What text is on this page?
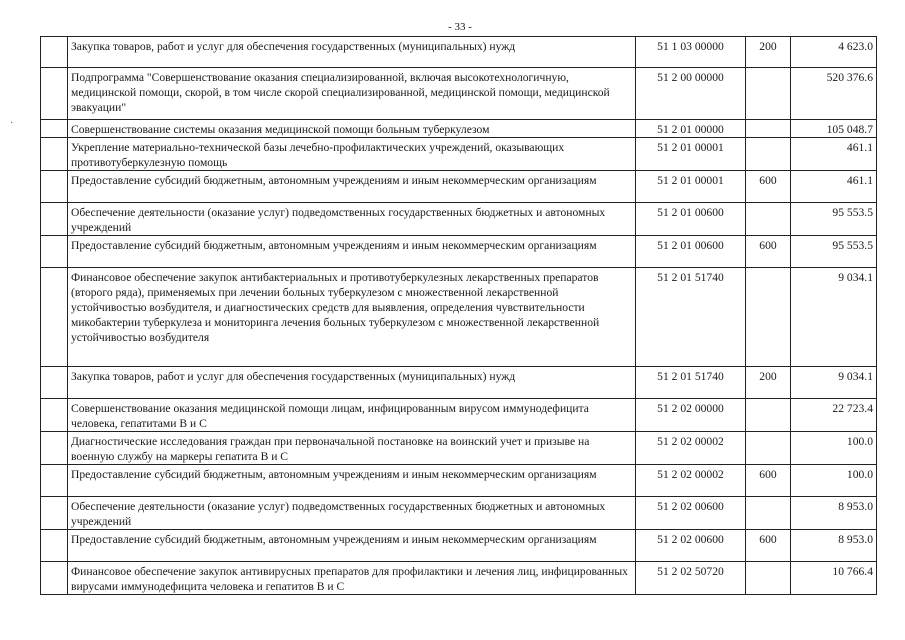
- 33 -
·
	Закупка товаров, работ и услуг для обеспечения государственных (муниципальных) нужд	51 1 03 00000	200	4 623.0
	Подпрограмма "Совершенствование оказания специализированной, включая высокотехнологичную, медицинской помощи, скорой, в том числе скорой специализированной, медицинской помощи, медицинской эвакуации"	51 2 00 00000		520 376.6
	Совершенствование системы оказания медицинской помощи больным туберкулезом	51 2 01 00000		105 048.7
	Укрепление материально-технической базы лечебно-профилактических учреждений, оказывающих противотуберкулезную помощь	51 2 01 00001		461.1
	Предоставление субсидий бюджетным, автономным учреждениям и иным некоммерческим организациям	51 2 01 00001	600	461.1
	Обеспечение деятельности (оказание услуг) подведомственных государственных бюджетных и автономных учреждений	51 2 01 00600		95 553.5
	Предоставление субсидий бюджетным, автономным учреждениям и иным некоммерческим организациям	51 2 01 00600	600	95 553.5
	Финансовое обеспечение закупок антибактериальных и противотуберкулезных лекарственных препаратов (второго ряда), применяемых при лечении больных туберкулезом с множественной лекарственной устойчивостью возбудителя, и диагностических средств для выявления, определения чувствительности микобактерии туберкулеза и мониторинга лечения больных туберкулезом с множественной лекарственной устойчивостью возбудителя	51 2 01 51740		9 034.1
	Закупка товаров, работ и услуг для обеспечения государственных (муниципальных) нужд	51 2 01 51740	200	9 034.1
	Совершенствование оказания медицинской помощи лицам, инфицированным вирусом иммунодефицита человека, гепатитами В и С	51 2 02 00000		22 723.4
	Диагностические исследования граждан при первоначальной постановке на воинский учет и призыве на военную службу на маркеры гепатита В и С	51 2 02 00002		100.0
	Предоставление субсидий бюджетным, автономным учреждениям и иным некоммерческим организациям	51 2 02 00002	600	100.0
	Обеспечение деятельности (оказание услуг) подведомственных государственных бюджетных и автономных учреждений	51 2 02 00600		8 953.0
	Предоставление субсидий бюджетным, автономным учреждениям и иным некоммерческим организациям	51 2 02 00600	600	8 953.0
	Финансовое обеспечение закупок антивирусных препаратов для профилактики и лечения лиц, инфицированных вирусами иммунодефицита человека и гепатитов В и С	51 2 02 50720		10 766.4
